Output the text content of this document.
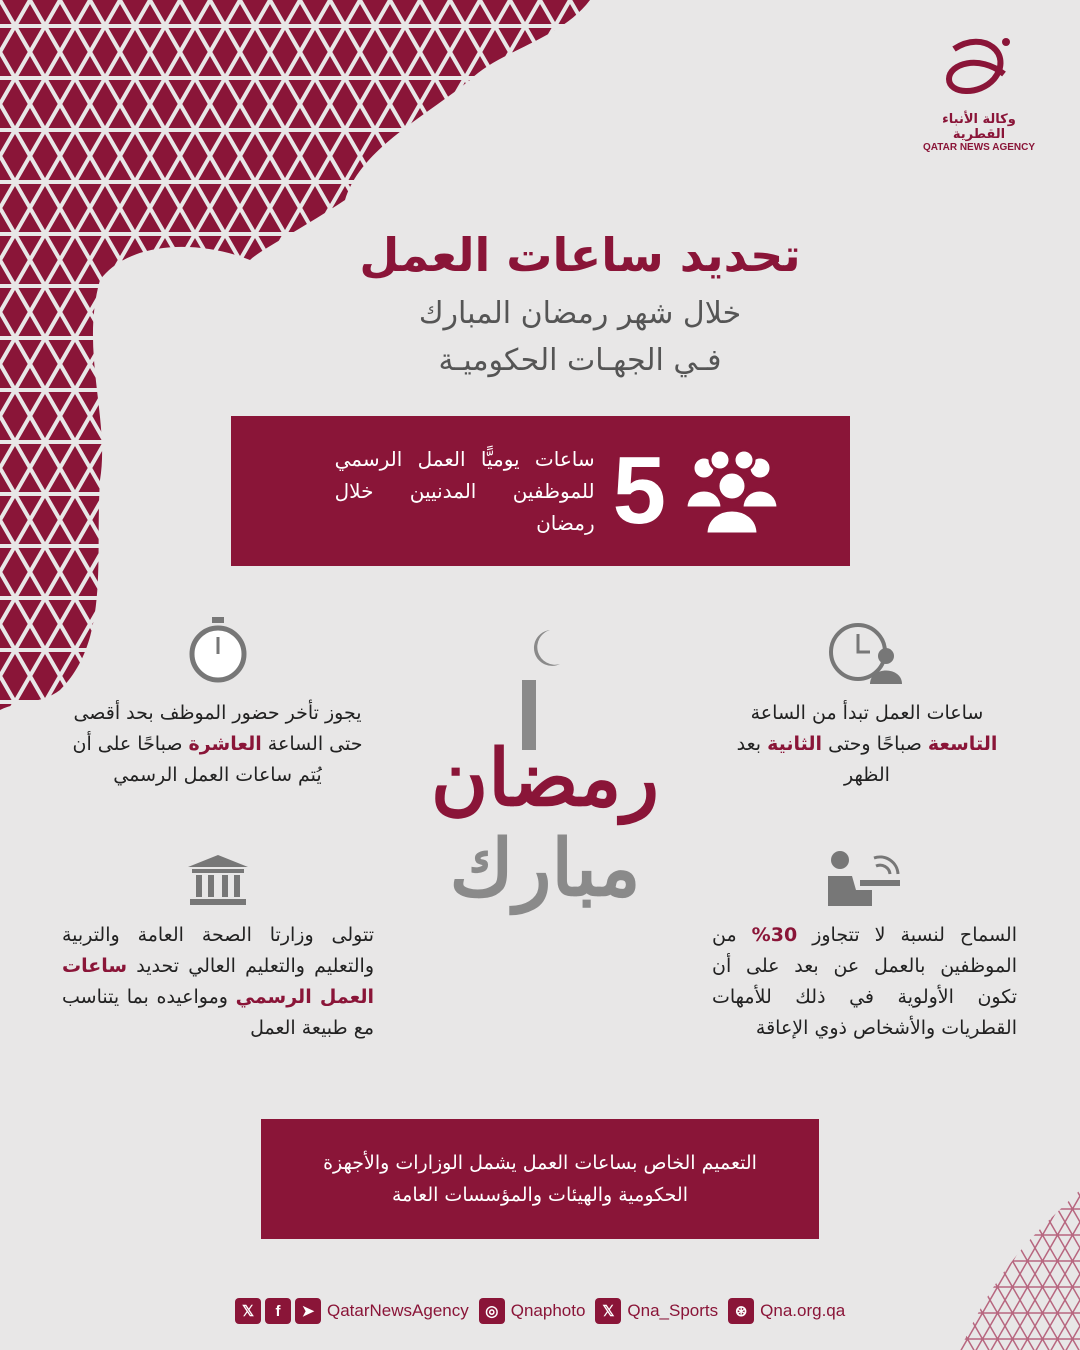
وكالة الأنباء القطرية
QATAR NEWS AGENCY
تحديد ساعات العمل
خلال شهر رمضان المبارك
فـي الجهـات الحكوميـة
5
ساعات يوميًّا العمل الرسمي للموظفين المدنيين خلال رمضان
ساعات العمل تبدأ من الساعة التاسعة صباحًا وحتى الثانية بعد الظهر
يجوز تأخر حضور الموظف بحد أقصى حتى الساعة العاشرة صباحًا على أن يُتم ساعات العمل الرسمي
السماح لنسبة لا تتجاوز 30% من الموظفين بالعمل عن بعد على أن تكون الأولوية في ذلك للأمهات القطريات والأشخاص ذوي الإعاقة
تتولى وزارتا الصحة العامة والتربية والتعليم والتعليم العالي تحديد ساعات العمل الرسمي ومواعيده بما يتناسب مع طبيعة العمل
رمضان
مبارك
التعميم الخاص بساعات العمل يشمل الوزارات والأجهزة الحكومية والهيئات والمؤسسات العامة
𝕏	f	➤ QatarNewsAgency	◎ Qnaphoto	𝕏 Qna_Sports	⊛ Qna.org.qa
